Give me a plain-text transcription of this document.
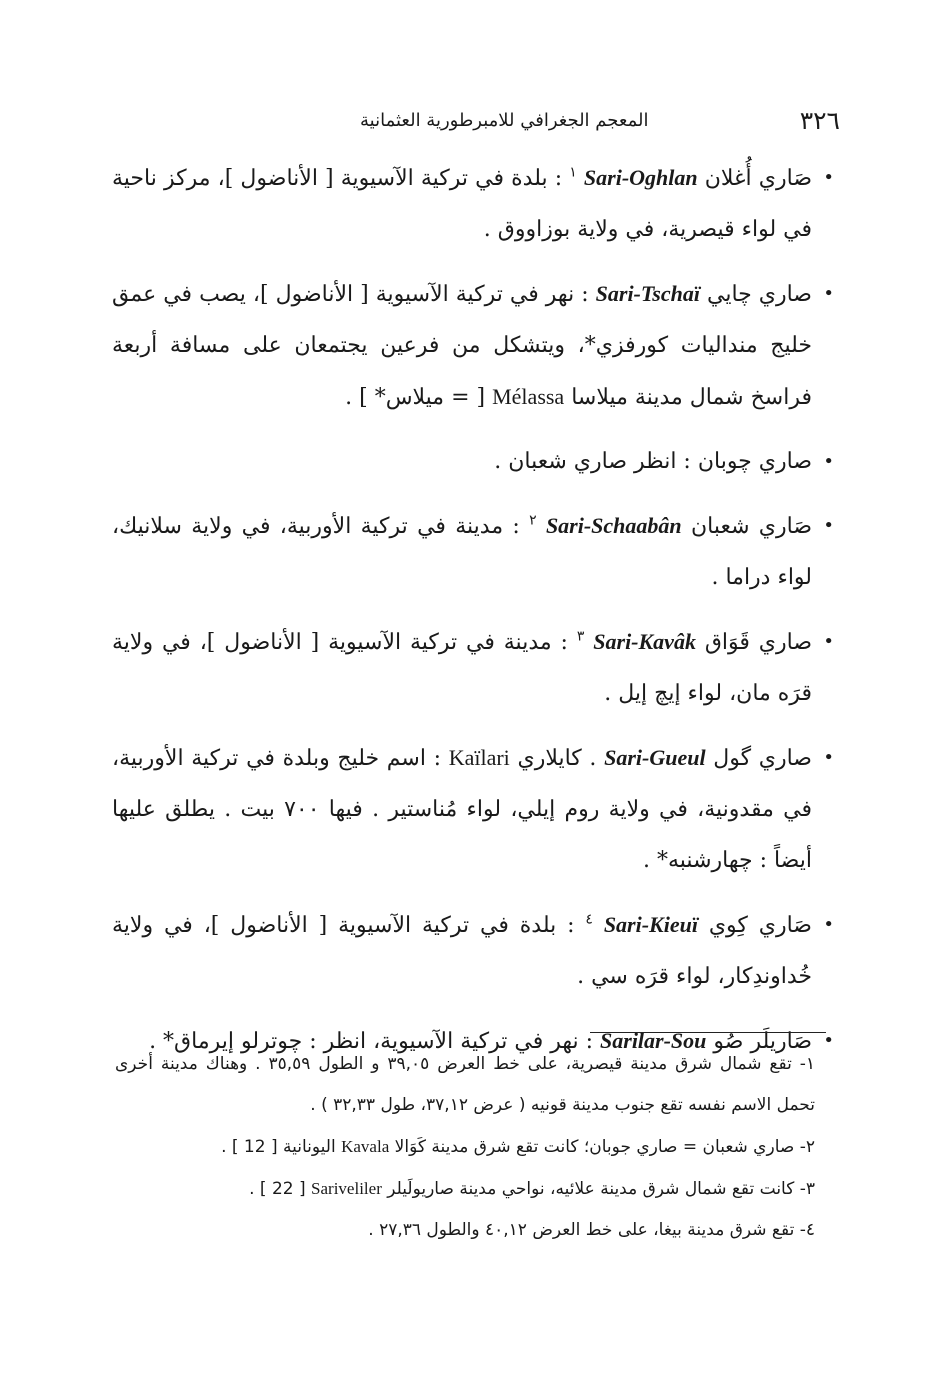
٣٢٦
المعجم الجغرافي للامبرطورية العثمانية

•
صَاري أُغلان Sari-Oghlan $^١$ : بلدة في تركية الآسيوية [ الأناضول ]، مركز ناحية في لواء قيصرية، في ولاية بوزاووق .

•
صاري چايي Sari-Tschaï : نهر في تركية الآسيوية [ الأناضول ]، يصب في عمق خليج منداليات كورفزي*، ويتشكل من فرعين يجتمعان على مسافة أربعة فراسخ شمال مدينة ميلاسا Mélassa [ = ميلاس* ] .

•
صاري چوبان : انظر صاري شعبان .

•
صَاري شعبان Sari-Schaabân $^٢$ : مدينة في تركية الأوربية، في ولاية سلانيك، لواء دراما .

•
صاري قَوَاق Sari-Kavâk $^٣$ : مدينة في تركية الآسيوية [ الأناضول ]، في ولاية قرَه مان، لواء إيچ إيل .

•
صاري گول Sari-Gueul . كايلاري Kaïlari : اسم خليج وبلدة في تركية الأوربية، في مقدونية، في ولاية روم إيلي، لواء مُناستير . فيها ٧٠٠ بيت . يطلق عليها أيضاً : چهارشنبه* .

•
صَاري كِوي Sari-Kieuï $^٤$ : بلدة في تركية الآسيوية [ الأناضول ]، في ولاية خُداوندِكار، لواء قرَه سي .

•
صَاريلَر صُو Sarilar-Sou : نهر في تركية الآسيوية، انظر : چوترلو إيرماق* .

١- تقع شمال شرق مدينة قيصرية، على خط العرض ٣٩,٠٥ و الطول ٣٥,٥٩ . وهناك مدينة أخرى تحمل الاسم نفسه تقع جنوب مدينة قونيه ( عرض ٣٧,١٢، طول ٣٢,٣٣ ) .

٢- صاري شعبان = صاري جوبان؛ كانت تقع شرق مدينة كَوَالا Kavala اليونانية [ 12 ] .

٣- كانت تقع شمال شرق مدينة علائيه، نواحي مدينة صاريولَيلر Sariveliler [ 22 ] .

٤- تقع شرق مدينة بيغا، على خط العرض ٤٠,١٢ والطول ٢٧,٣٦ .
